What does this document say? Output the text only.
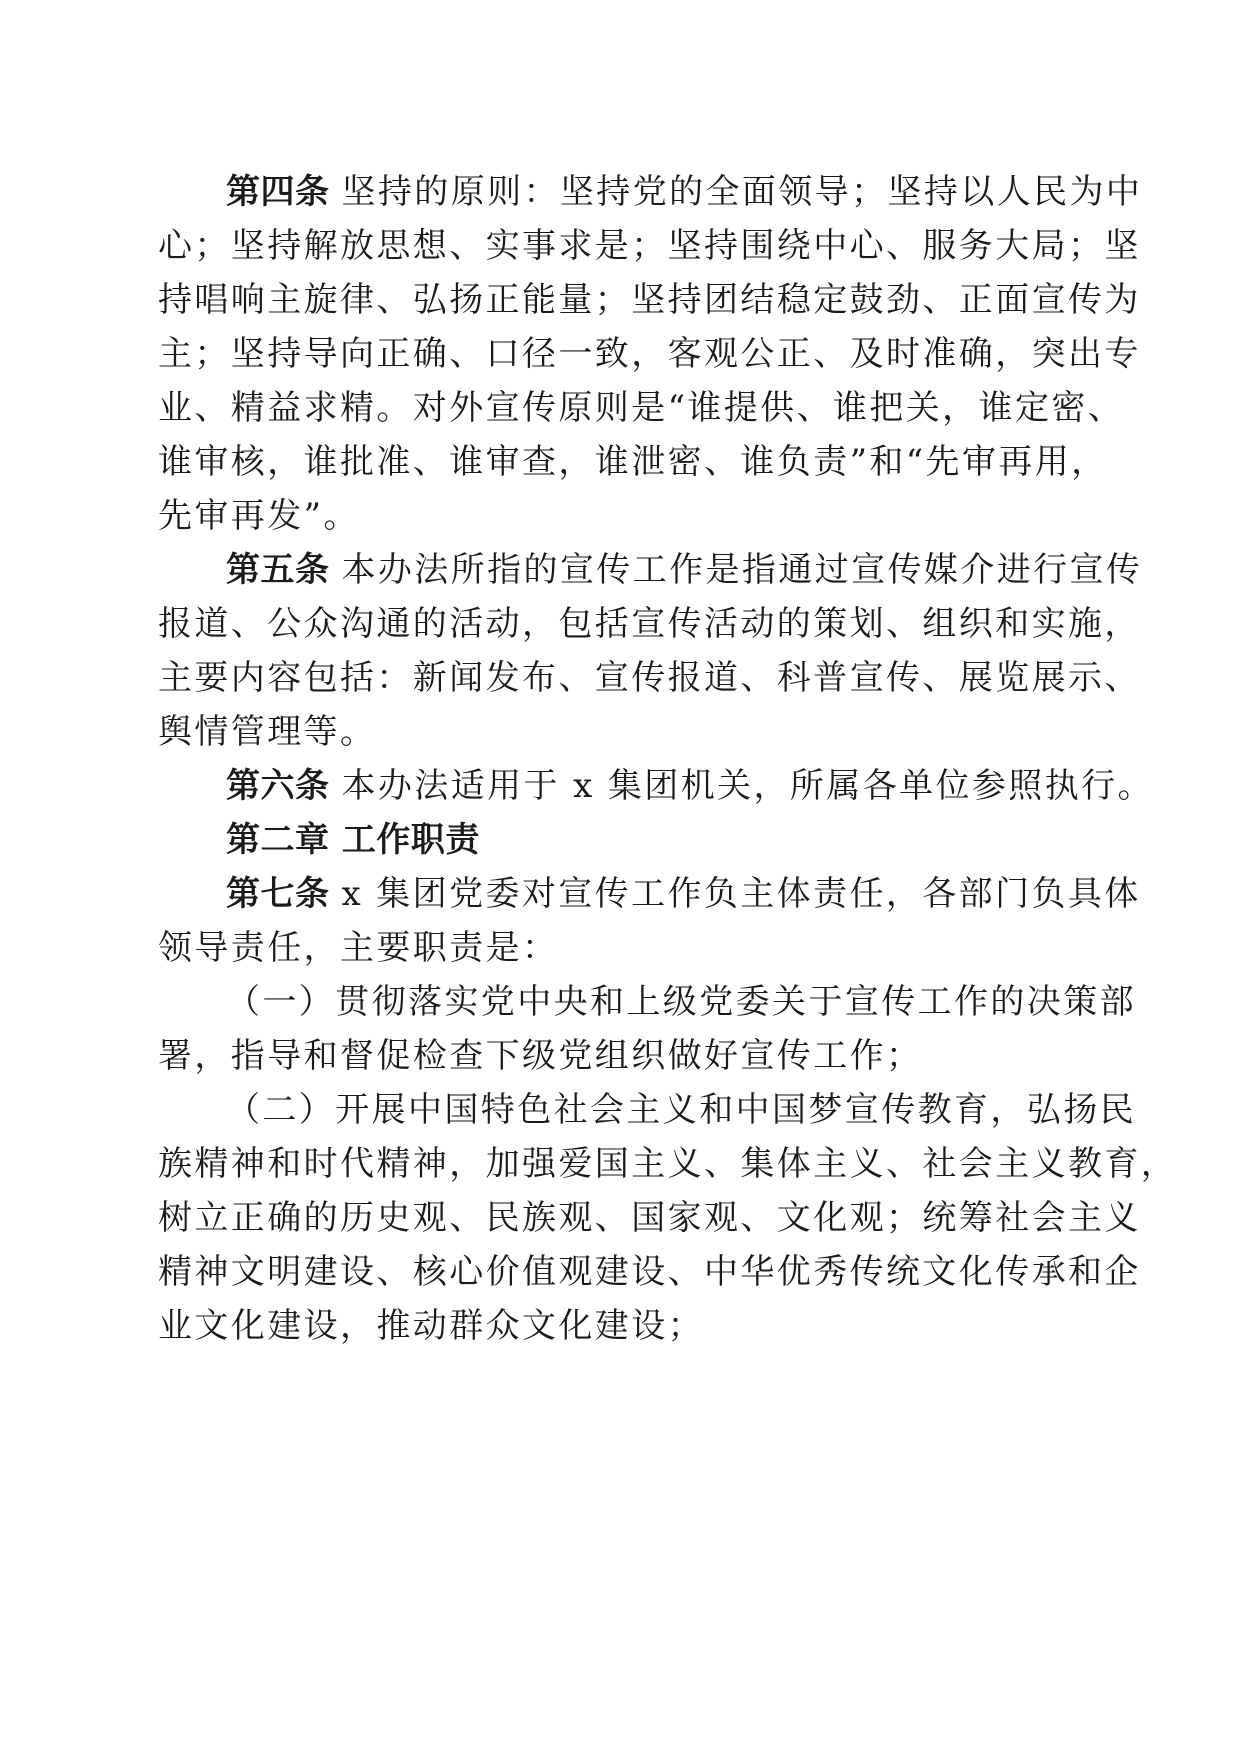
第四条 坚持的原则：坚持党的全面领导；坚持以人民为中
心；坚持解放思想、实事求是；坚持围绕中心、服务大局；坚
持唱响主旋律、弘扬正能量；坚持团结稳定鼓劲、正面宣传为
主；坚持导向正确、口径一致，客观公正、及时准确，突出专
业、精益求精。对外宣传原则是“谁提供、谁把关，谁定密、
谁审核，谁批准、谁审查，谁泄密、谁负责”和“先审再用，
先审再发”。
第五条 本办法所指的宣传工作是指通过宣传媒介进行宣传
报道、公众沟通的活动，包括宣传活动的策划、组织和实施，
主要内容包括：新闻发布、宣传报道、科普宣传、展览展示、
舆情管理等。
第六条 本办法适用于 x 集团机关，所属各单位参照执行。
第二章 工作职责
第七条 x 集团党委对宣传工作负主体责任，各部门负具体
领导责任，主要职责是：
（一）贯彻落实党中央和上级党委关于宣传工作的决策部
署，指导和督促检查下级党组织做好宣传工作；
（二）开展中国特色社会主义和中国梦宣传教育，弘扬民
族精神和时代精神，加强爱国主义、集体主义、社会主义教育，
树立正确的历史观、民族观、国家观、文化观；统筹社会主义
精神文明建设、核心价值观建设、中华优秀传统文化传承和企
业文化建设，推动群众文化建设；
